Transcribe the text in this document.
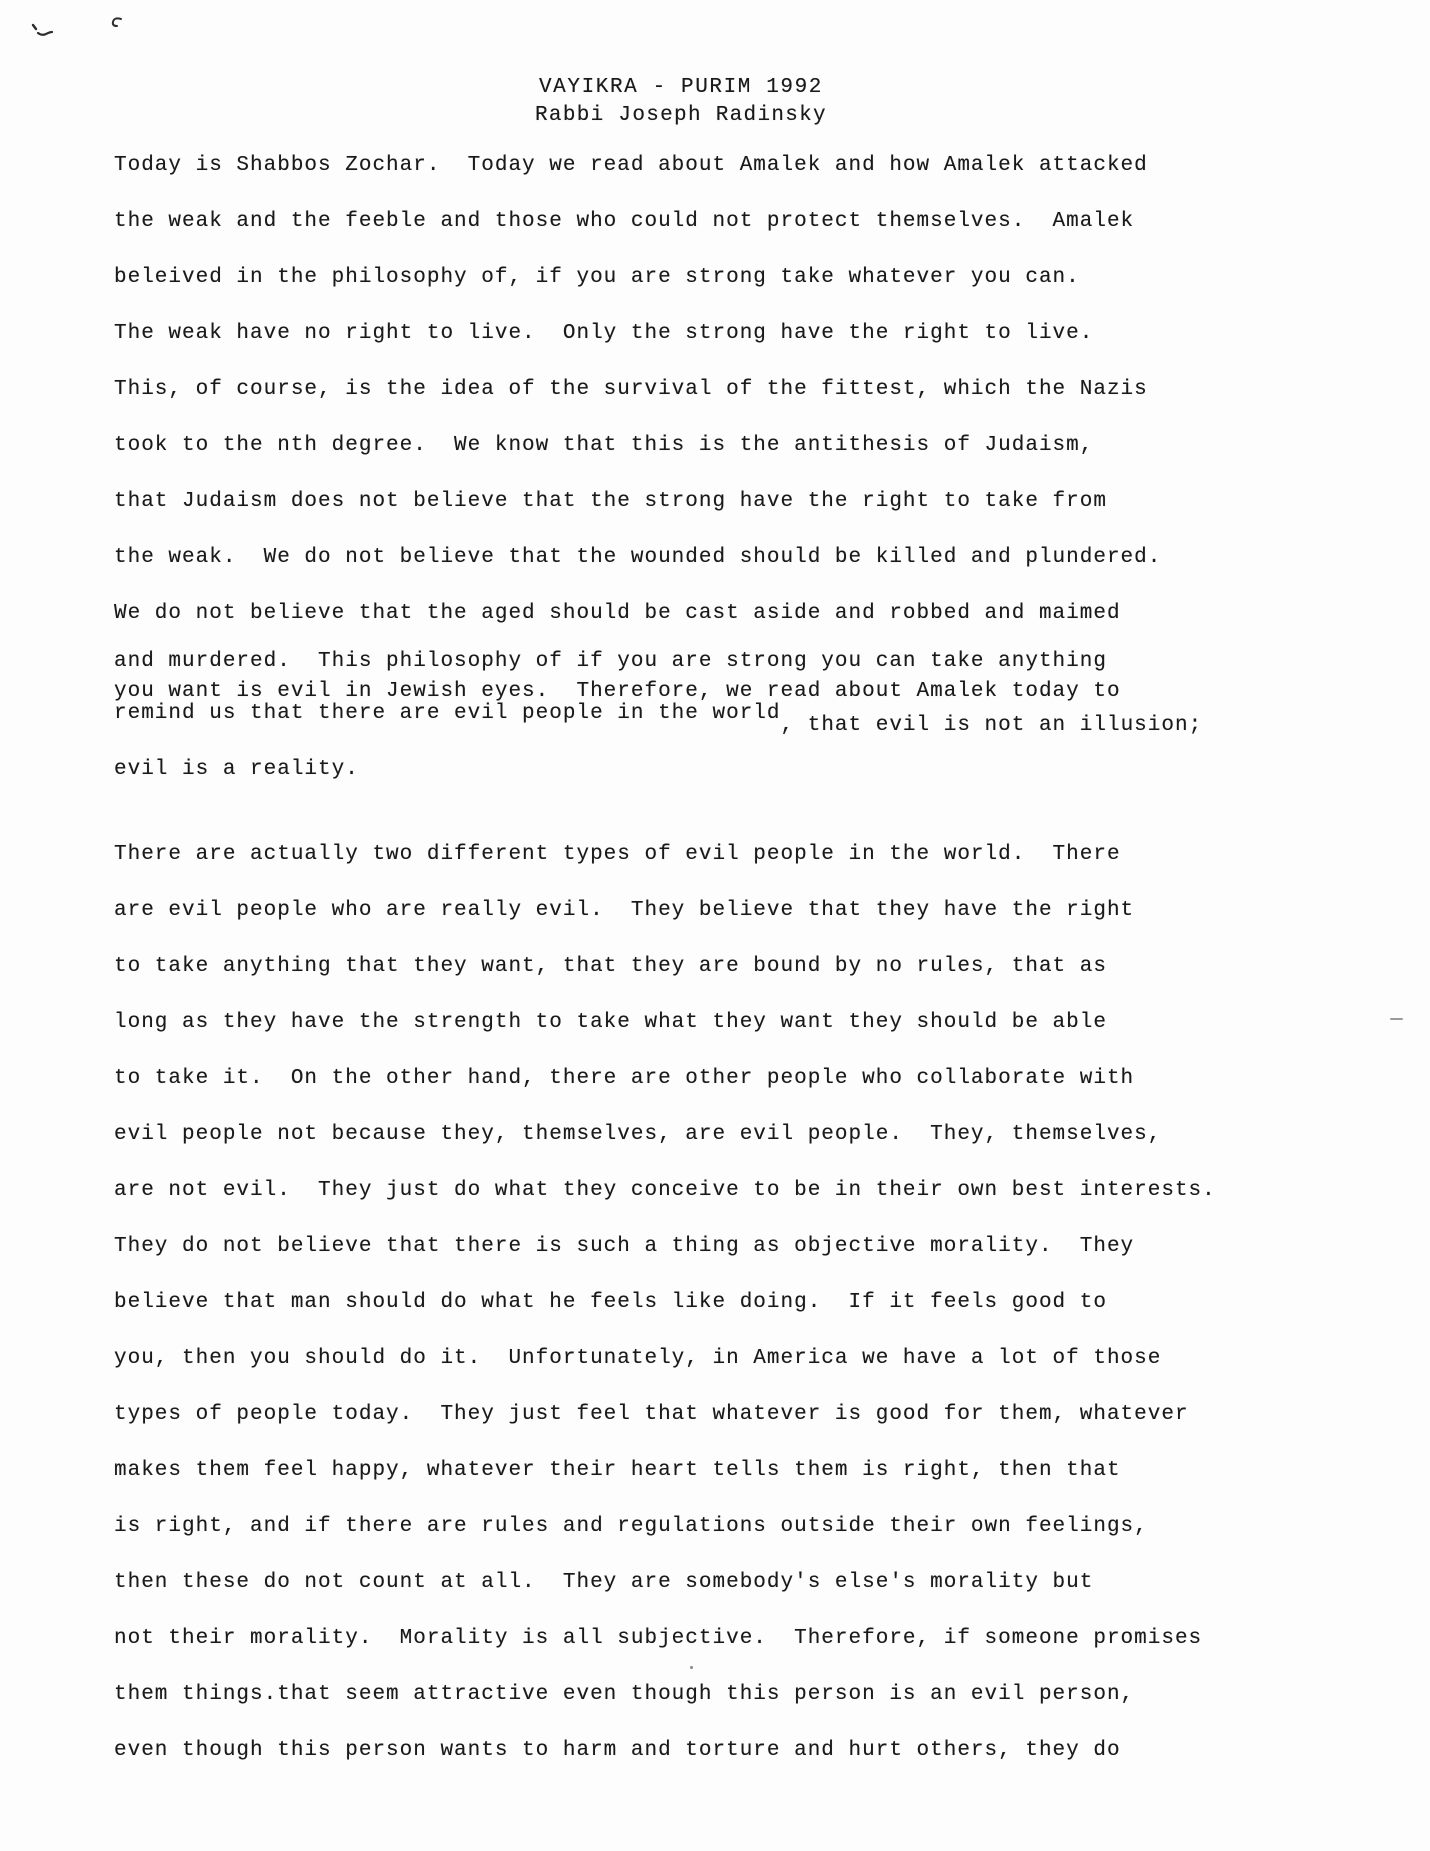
VAYIKRA - PURIM 1992
Rabbi Joseph Radinsky
Today is Shabbos Zochar.  Today we read about Amalek and how Amalek attacked
the weak and the feeble and those who could not protect themselves.  Amalek
beleived in the philosophy of, if you are strong take whatever you can.
The weak have no right to live.  Only the strong have the right to live.
This, of course, is the idea of the survival of the fittest, which the Nazis
took to the nth degree.  We know that this is the antithesis of Judaism,
that Judaism does not believe that the strong have the right to take from
the weak.  We do not believe that the wounded should be killed and plundered.
We do not believe that the aged should be cast aside and robbed and maimed
and murdered.  This philosophy of if you are strong you can take anything
you want is evil in Jewish eyes.  Therefore, we read about Amalek today to
remind us that there are evil people in the world, that evil is not an illusion;
evil is a reality.
There are actually two different types of evil people in the world.  There
are evil people who are really evil.  They believe that they have the right
to take anything that they want, that they are bound by no rules, that as
long as they have the strength to take what they want they should be able
to take it.  On the other hand, there are other people who collaborate with
evil people not because they, themselves, are evil people.  They, themselves,
are not evil.  They just do what they conceive to be in their own best interests.
They do not believe that there is such a thing as objective morality.  They
believe that man should do what he feels like doing.  If it feels good to
you, then you should do it.  Unfortunately, in America we have a lot of those
types of people today.  They just feel that whatever is good for them, whatever
makes them feel happy, whatever their heart tells them is right, then that
is right, and if there are rules and regulations outside their own feelings,
then these do not count at all.  They are somebody's else's morality but
not their morality.  Morality is all subjective.  Therefore, if someone promises
them things.that seem attractive even though this person is an evil person,
even though this person wants to harm and torture and hurt others, they do
